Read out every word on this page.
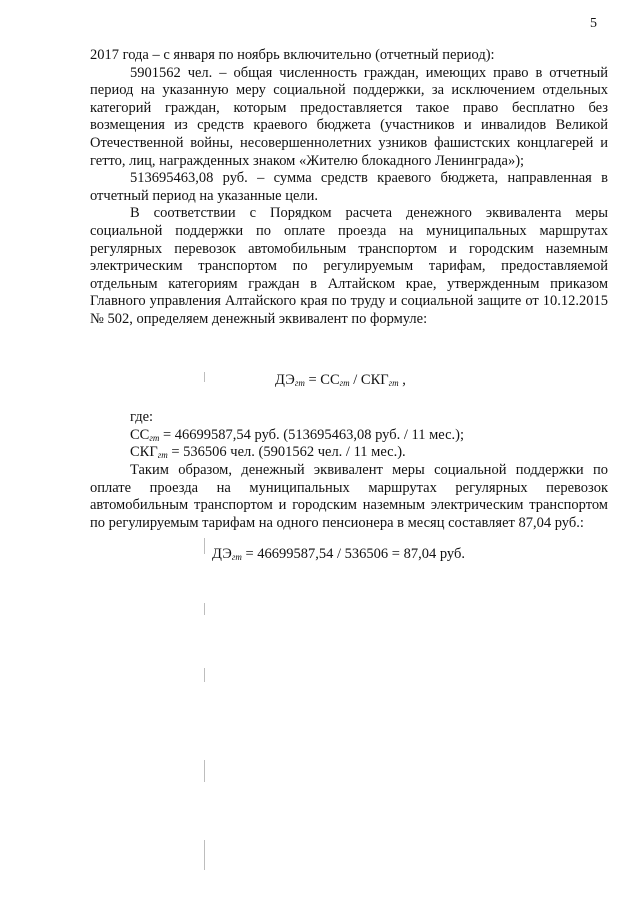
5

2017 года – с января по ноябрь включительно (отчетный период):

5901562 чел. – общая численность граждан, имеющих право в отчетный период на указанную меру социальной поддержки, за исключением отдельных категорий граждан, которым предоставляется такое право бесплатно без возмещения из средств краевого бюджета (участников и инвалидов Великой Отечественной войны, несовершеннолетних узников фашистских концлагерей и гетто, лиц, награжденных знаком «Жителю блокадного Ленинграда»);

513695463,08 руб. – сумма средств краевого бюджета, направленная в отчетный период на указанные цели.

В соответствии с Порядком расчета денежного эквивалента меры социальной поддержки по оплате проезда на муниципальных маршрутах регулярных перевозок автомобильным транспортом и городским наземным электрическим транспортом по регулируемым тарифам, предоставляемой отдельным категориям граждан в Алтайском крае, утвержденным приказом Главного управления Алтайского края по труду и социальной защите от 10.12.2015 № 502, определяем денежный эквивалент по формуле:

$ДЭ_{гт} = СС_{гт} / СКГ_{гт}$ ,

где:

$СС_{гт} = 46699587,54$ руб. (513695463,08 руб. / 11 мес.);

$СКГ_{гт} = 536506$ чел. (5901562 чел. / 11 мес.).

Таким образом, денежный эквивалент меры социальной поддержки по оплате проезда на муниципальных маршрутах регулярных перевозок автомобильным транспортом и городским наземным электрическим транспортом по регулируемым тарифам на одного пенсионера в месяц составляет 87,04 руб.:

$ДЭ_{гт} = 46699587,54 / 536506 = 87,04$ руб.
